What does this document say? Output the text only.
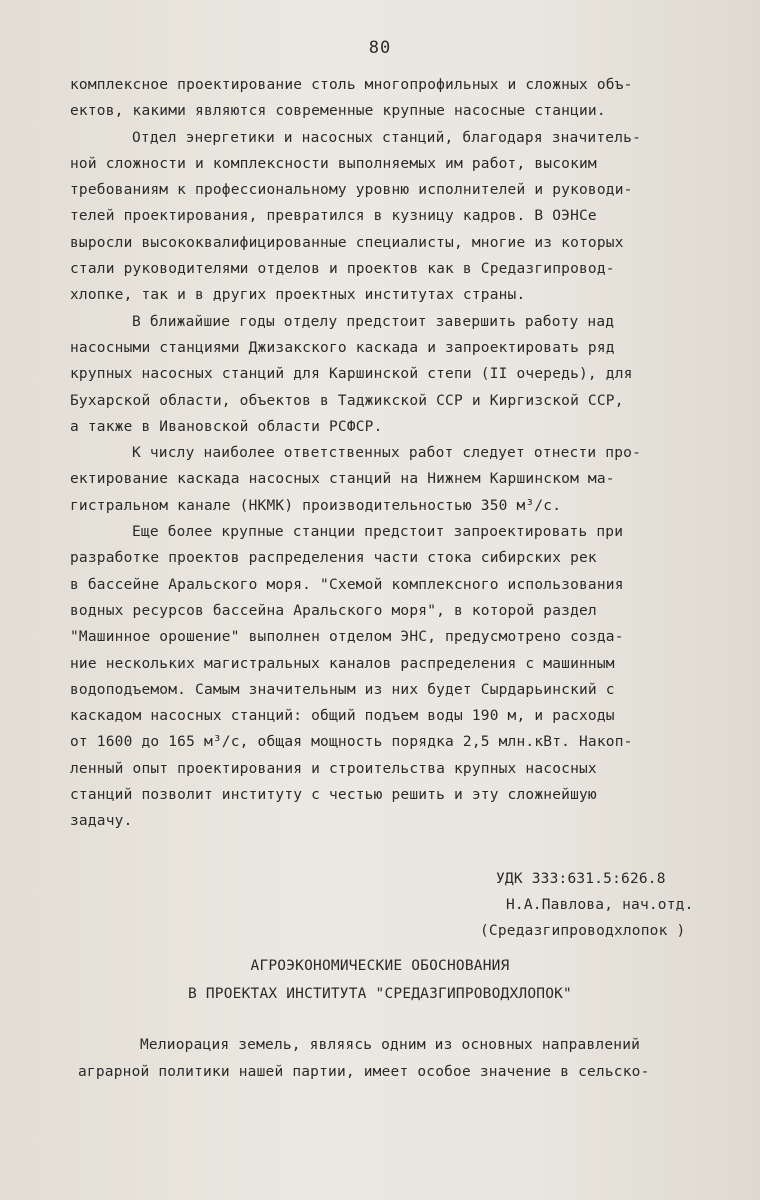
80
комплексное проектирование столь многопрофильных и сложных объ-
ектов, какими являются современные крупные насосные станции.
Отдел энергетики и насосных станций, благодаря значитель-
ной сложности и комплексности выполняемых им работ, высоким
требованиям к профессиональному уровню исполнителей и руководи-
телей проектирования, превратился в кузницу кадров. В ОЭНСе
выросли высококвалифицированные специалисты, многие из которых
стали руководителями отделов и проектов как в Средазгипровод-
хлопке, так и в других проектных институтах страны.
В ближайшие годы отделу предстоит завершить работу над
насосными станциями Джизакского каскада и запроектировать ряд
крупных насосных станций для Каршинской степи (II очередь), для
Бухарской области, объектов в Таджикской ССР и Киргизской ССР,
а также в Ивановской области РСФСР.
К числу наиболее ответственных работ следует отнести про-
ектирование каскада насосных станций на Нижнем Каршинском ма-
гистральном канале (НКМК) производительностью 350 м³/с.
Еще более крупные станции предстоит запроектировать при
разработке проектов распределения части стока сибирских рек
в бассейне Аральского моря. "Схемой комплексного использования
водных ресурсов бассейна Аральского моря", в которой раздел
"Машинное орошение" выполнен отделом ЭНС, предусмотрено созда-
ние нескольких магистральных каналов распределения с машинным
водоподъемом. Самым значительным из них будет Сырдарьинский с
каскадом насосных станций: общий подъем воды 190 м, и расходы
от 1600 до 165 м³/с, общая мощность порядка 2,5 млн.кВт. Накоп-
ленный опыт проектирования и строительства крупных насосных
станций позволит институту с честью решить и эту сложнейшую
задачу.
УДК 333:631.5:626.8
Н.А.Павлова, нач.отд.
(Средазгипроводхлопок )
АГРОЭКОНОМИЧЕСКИЕ ОБОСНОВАНИЯ
В ПРОЕКТАХ ИНСТИТУТА "СРЕДАЗГИПРОВОДХЛОПОК"
Мелиорация земель, являясь одним из основных направлений
аграрной политики нашей партии, имеет особое значение в сельско-
